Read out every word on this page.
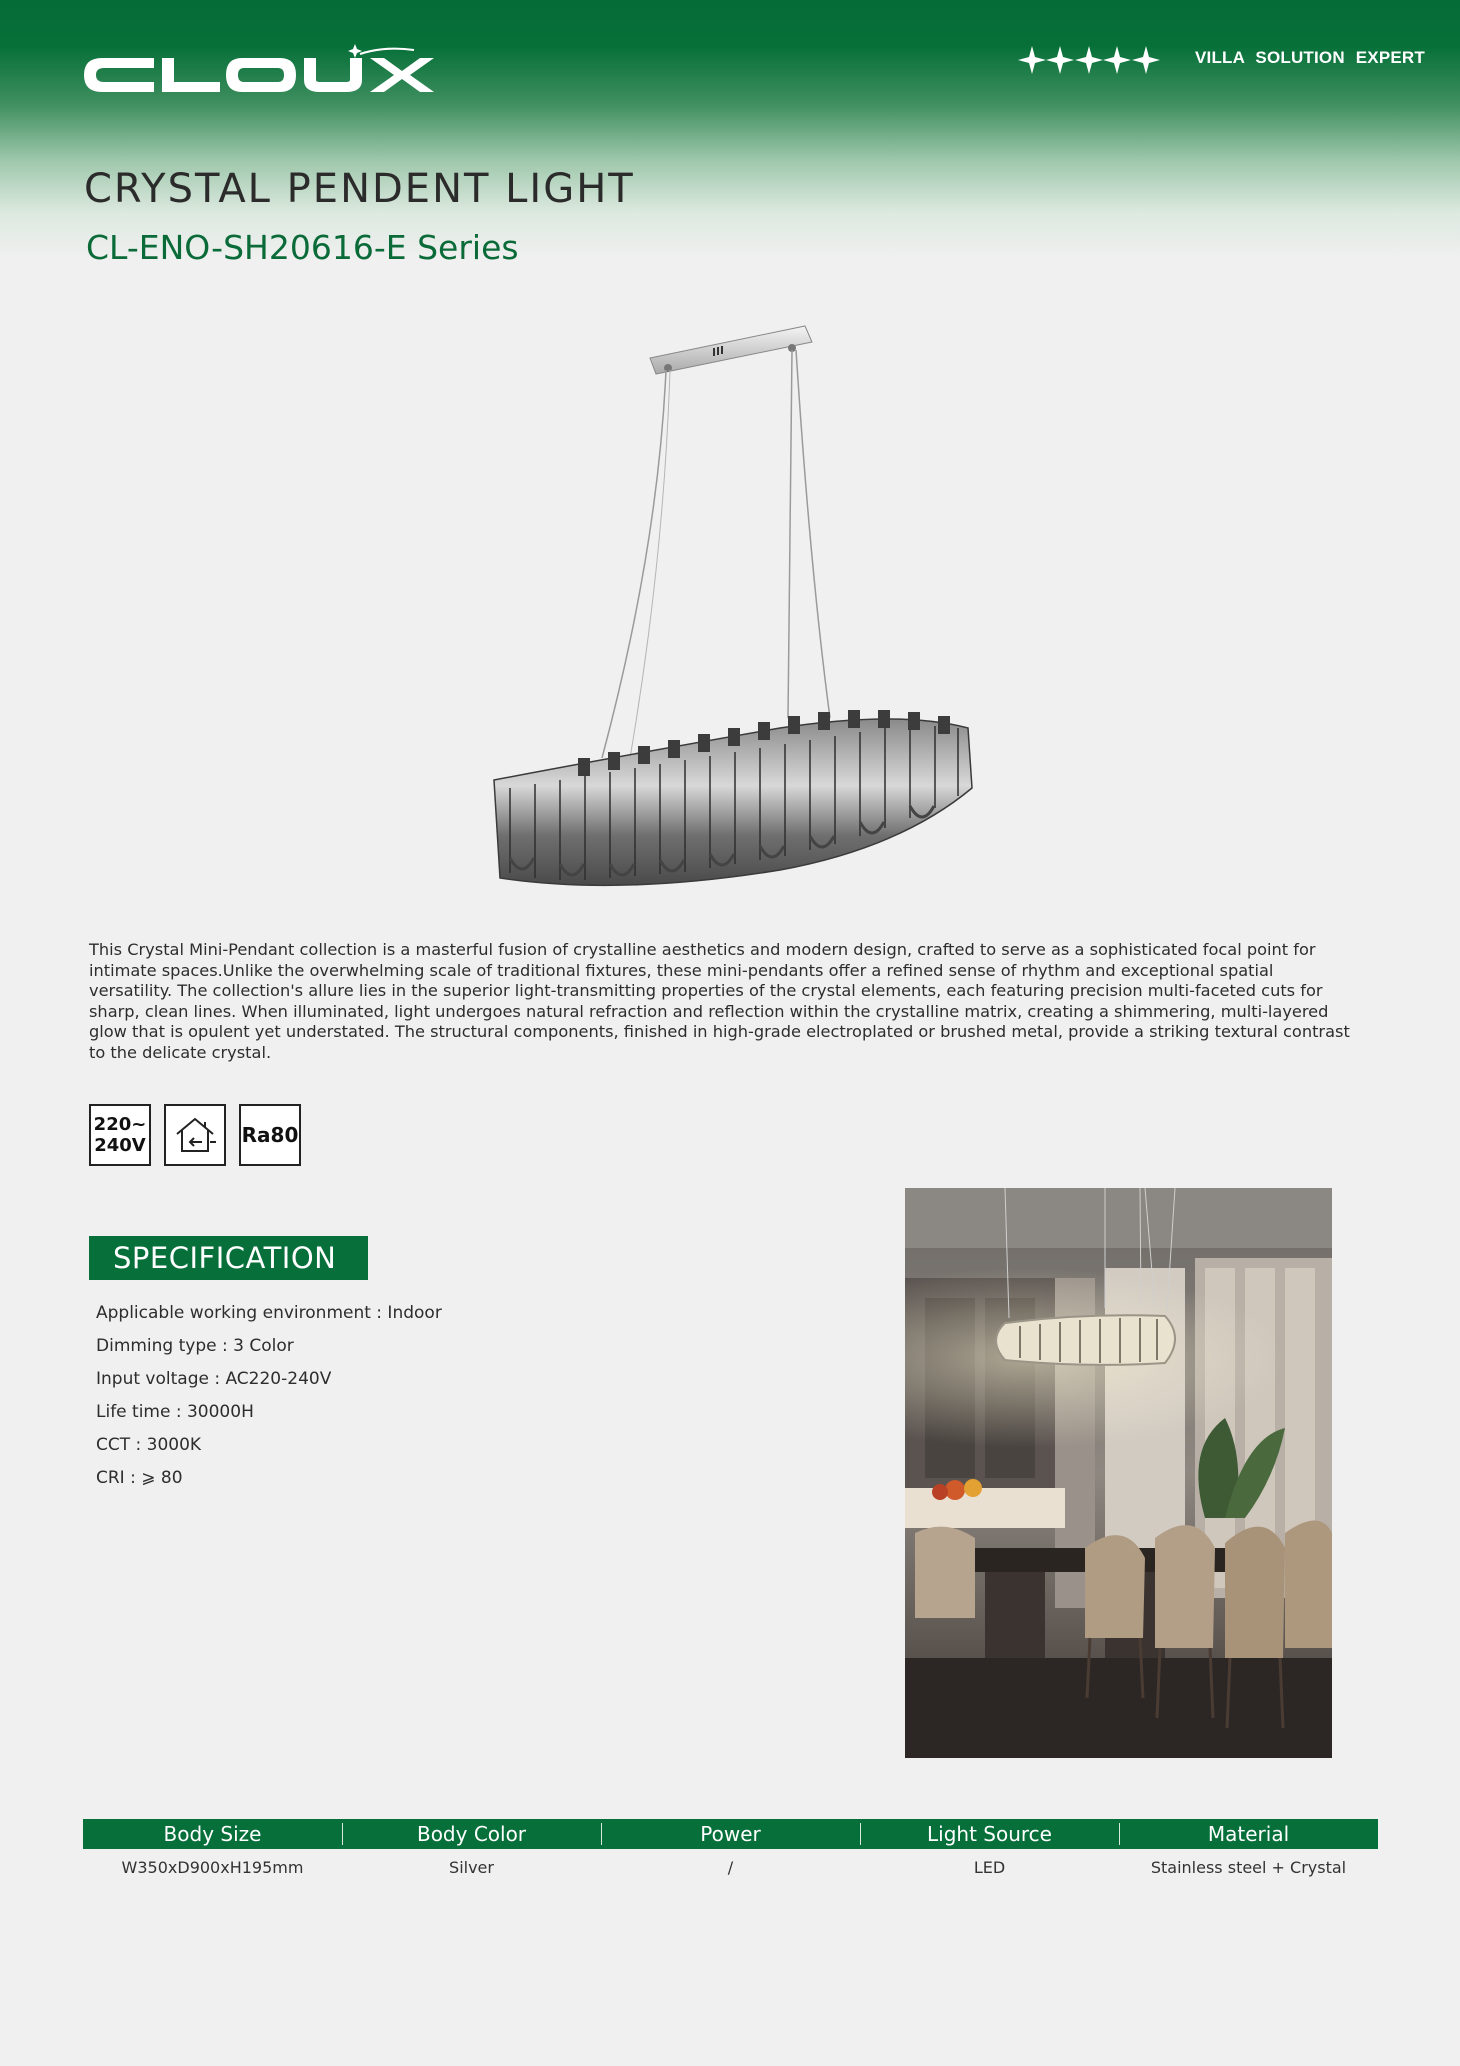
VILLA SOLUTION EXPERT
CRYSTAL PENDENT LIGHT
CL-ENO-SH20616-E Series

This Crystal Mini-Pendant collection is a masterful fusion of crystalline aesthetics and modern design, crafted to serve as a sophisticated focal point for intimate spaces.Unlike the overwhelming scale of traditional fixtures, these mini-pendants offer a refined sense of rhythm and exceptional spatial versatility. The collection's allure lies in the superior light-transmitting properties of the crystal elements, each featuring precision multi-faceted cuts for sharp, clean lines. When illuminated, light undergoes natural refraction and reflection within the crystalline matrix, creating a shimmering, multi-layered glow that is opulent yet understated. The structural components, finished in high-grade electroplated or brushed metal, provide a striking textural contrast to the delicate crystal.

220~
240V	Ra80
SPECIFICATION
Applicable working environment : Indoor
Dimming type : 3 Color
Input voltage : AC220-240V
Life time : 30000H
CCT : 3000K
CRI : ⩾ 80
Body Size	Body Color	Power	Light Source	Material
W350xD900xH195mm	Silver	/	LED	Stainless steel + Crystal
